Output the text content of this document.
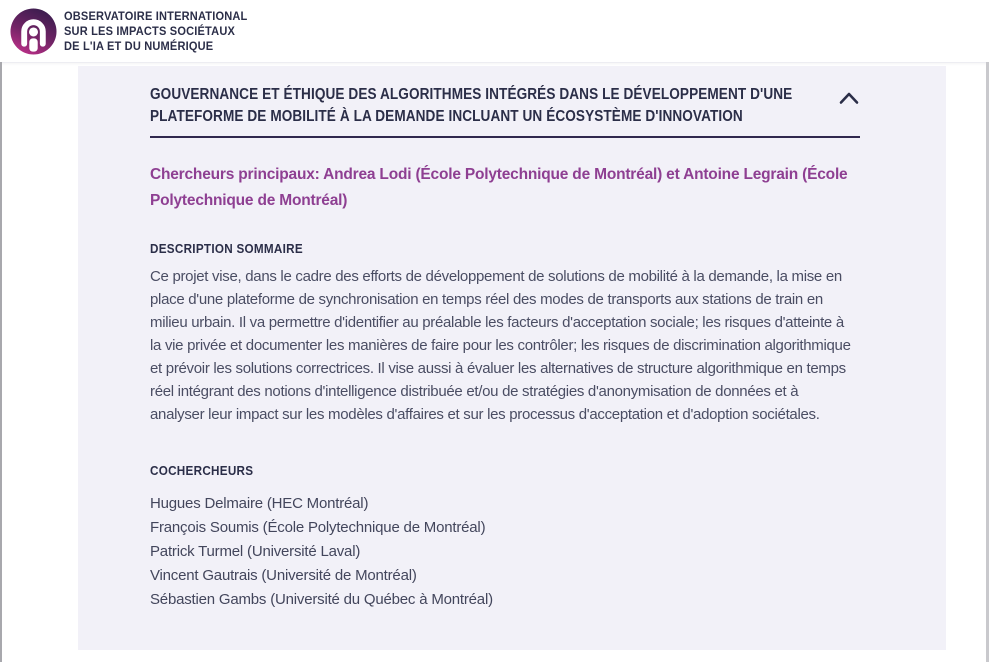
OBSERVATOIRE INTERNATIONAL
SUR LES IMPACTS SOCIÉTAUX
DE L'IA ET DU NUMÉRIQUE
GOUVERNANCE ET ÉTHIQUE DES ALGORITHMES INTÉGRÉS DANS LE DÉVELOPPEMENT D'UNE PLATEFORME DE MOBILITÉ À LA DEMANDE INCLUANT UN ÉCOSYSTÈME D'INNOVATION

Chercheurs principaux: Andrea Lodi (École Polytechnique de Montréal) et Antoine Legrain (École Polytechnique de Montréal)

DESCRIPTION SOMMAIRE

Ce projet vise, dans le cadre des efforts de développement de solutions de mobilité à la demande, la mise en place d'une plateforme de synchronisation en temps réel des modes de transports aux stations de train en milieu urbain. Il va permettre d'identifier au préalable les facteurs d'acceptation sociale; les risques d'atteinte à la vie privée et documenter les manières de faire pour les contrôler; les risques de discrimination algorithmique et prévoir les solutions correctrices. Il vise aussi à évaluer les alternatives de structure algorithmique en temps réel intégrant des notions d'intelligence distribuée et/ou de stratégies d'anonymisation de données et à analyser leur impact sur les modèles d'affaires et sur les processus d'acceptation et d'adoption sociétales.

COCHERCHEURS
Hugues Delmaire (HEC Montréal)
François Soumis (École Polytechnique de Montréal)
Patrick Turmel (Université Laval)
Vincent Gautrais (Université de Montréal)
Sébastien Gambs (Université du Québec à Montréal)
